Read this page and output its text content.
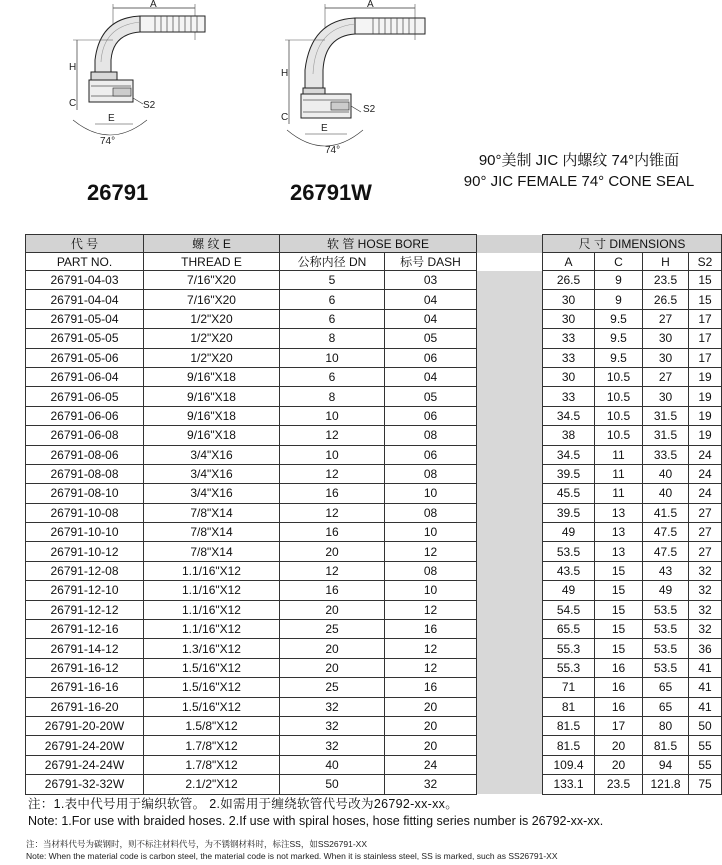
A
H
C	S2
E
74°
A
H
C
S2
E
74°
26791	26791W
90°美制 JIC 内螺纹 74°内锥面
90° JIC FEMALE 74° CONE SEAL
代 号	螺 纹 E	软 管 HOSE BORE			尺 寸 DIMENSIONS			
PART NO.	THREAD E	公称内径 DN	标号 DASH		A	C	H	S2
26791-04-03	7/16"X20	5	03		26.5	9	23.5	15
26791-04-04	7/16"X20	6	04		30	9	26.5	15
26791-05-04	1/2"X20	6	04		30	9.5	27	17
26791-05-05	1/2"X20	8	05		33	9.5	30	17
26791-05-06	1/2"X20	10	06		33	9.5	30	17
26791-06-04	9/16"X18	6	04		30	10.5	27	19
26791-06-05	9/16"X18	8	05		33	10.5	30	19
26791-06-06	9/16"X18	10	06		34.5	10.5	31.5	19
26791-06-08	9/16"X18	12	08		38	10.5	31.5	19
26791-08-06	3/4"X16	10	06		34.5	11	33.5	24
26791-08-08	3/4"X16	12	08		39.5	11	40	24
26791-08-10	3/4"X16	16	10		45.5	11	40	24
26791-10-08	7/8"X14	12	08		39.5	13	41.5	27
26791-10-10	7/8"X14	16	10		49	13	47.5	27
26791-10-12	7/8"X14	20	12		53.5	13	47.5	27
26791-12-08	1.1/16"X12	12	08		43.5	15	43	32
26791-12-10	1.1/16"X12	16	10		49	15	49	32
26791-12-12	1.1/16"X12	20	12		54.5	15	53.5	32
26791-12-16	1.1/16"X12	25	16		65.5	15	53.5	32
26791-14-12	1.3/16"X12	20	12		55.3	15	53.5	36
26791-16-12	1.5/16"X12	20	12		55.3	16	53.5	41
26791-16-16	1.5/16"X12	25	16		71	16	65	41
26791-16-20	1.5/16"X12	32	20		81	16	65	41
26791-20-20W	1.5/8"X12	32	20		81.5	17	80	50
26791-24-20W	1.7/8"X12	32	20		81.5	20	81.5	55
26791-24-24W	1.7/8"X12	40	24		109.4	20	94	55
26791-32-32W	2.1/2"X12	50	32		133.1	23.5	121.8	75
注：1.表中代号用于编织软管。 2.如需用于缠绕软管代号改为26792-xx-xx。
Note: 1.For use with braided hoses. 2.If use with spiral hoses, hose fitting series number is 26792-xx-xx.
注：当材料代号为碳钢时，则不标注材料代号，为不锈钢材料时，标注SS，如SS26791-XX
Note: When the material code is carbon steel, the material code is not marked. When it is stainless steel, SS is marked, such as SS26791-XX
